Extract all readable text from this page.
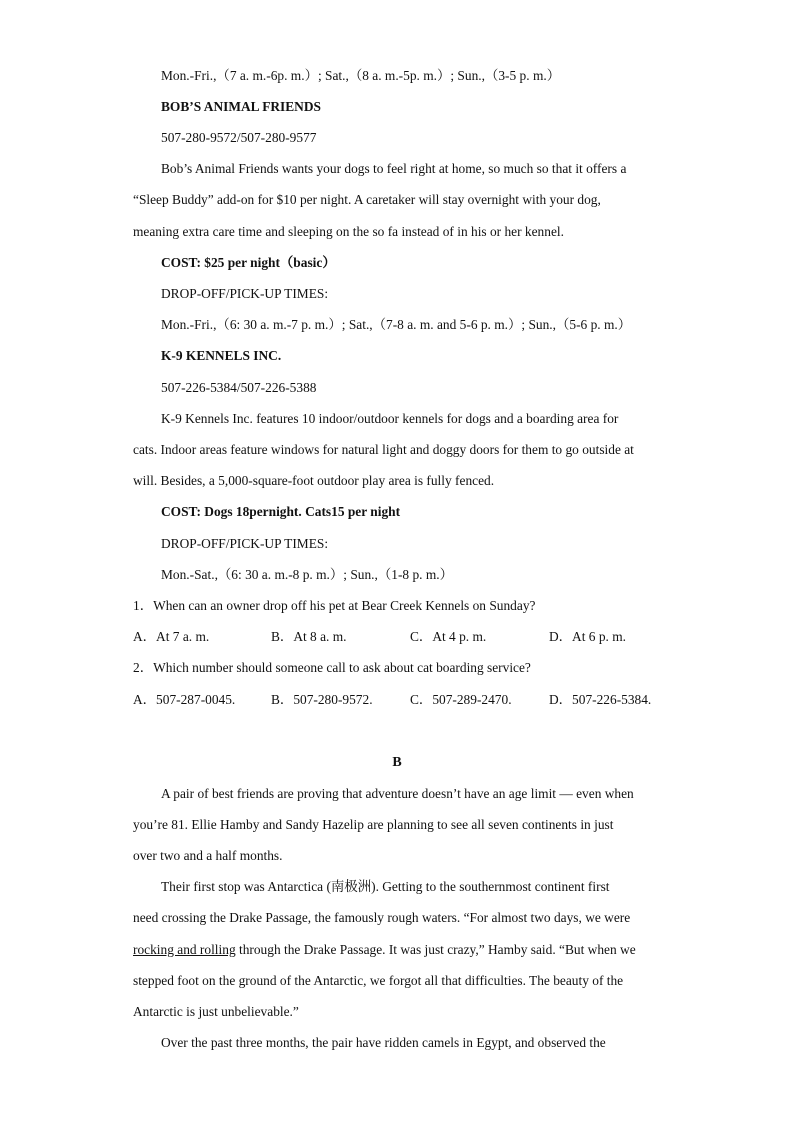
Mon.-Fri.,（7 a. m.-6p. m.）; Sat.,（8 a. m.-5p. m.）; Sun.,（3-5 p. m.）
BOB’S ANIMAL FRIENDS
507-280-9572/507-280-9577
Bob’s Animal Friends wants your dogs to feel right at home, so much so that it offers a
“Sleep Buddy” add-on for $10 per night. A caretaker will stay overnight with your dog,
meaning extra care time and sleeping on the so fa instead of in his or her kennel.
COST: $25 per night（basic）
DROP-OFF/PICK-UP TIMES:
Mon.-Fri.,（6: 30 a. m.-7 p. m.）; Sat.,（7-8 a. m. and 5-6 p. m.）; Sun.,（5-6 p. m.）
K-9 KENNELS INC.
507-226-5384/507-226-5388
K-9 Kennels Inc. features 10 indoor/outdoor kennels for dogs and a boarding area for
cats. Indoor areas feature windows for natural light and doggy doors for them to go outside at
will. Besides, a 5,000-square-foot outdoor play area is fully fenced.
COST: Dogs 18pernight. Cats15 per night
DROP-OFF/PICK-UP TIMES:
Mon.-Sat.,（6: 30 a. m.-8 p. m.）; Sun.,（1-8 p. m.）
1．When can an owner drop off his pet at Bear Creek Kennels on Sunday?
A．At 7 a. m.	B．At 8 a. m.	C．At 4 p. m.	D．At 6 p. m.
2．Which number should someone call to ask about cat boarding service?
A．507-287-0045.	B．507-280-9572.	C．507-289-2470.	D．507-226-5384.
B
A pair of best friends are proving that adventure doesn’t have an age limit — even when
you’re 81. Ellie Hamby and Sandy Hazelip are planning to see all seven continents in just
over two and a half months.
Their first stop was Antarctica (南极洲). Getting to the southernmost continent first
need crossing the Drake Passage, the famously rough waters. “For almost two days, we were
rocking and rolling through the Drake Passage. It was just crazy,” Hamby said. “But when we
stepped foot on the ground of the Antarctic, we forgot all that difficulties. The beauty of the
Antarctic is just unbelievable.”
Over the past three months, the pair have ridden camels in Egypt, and observed the
